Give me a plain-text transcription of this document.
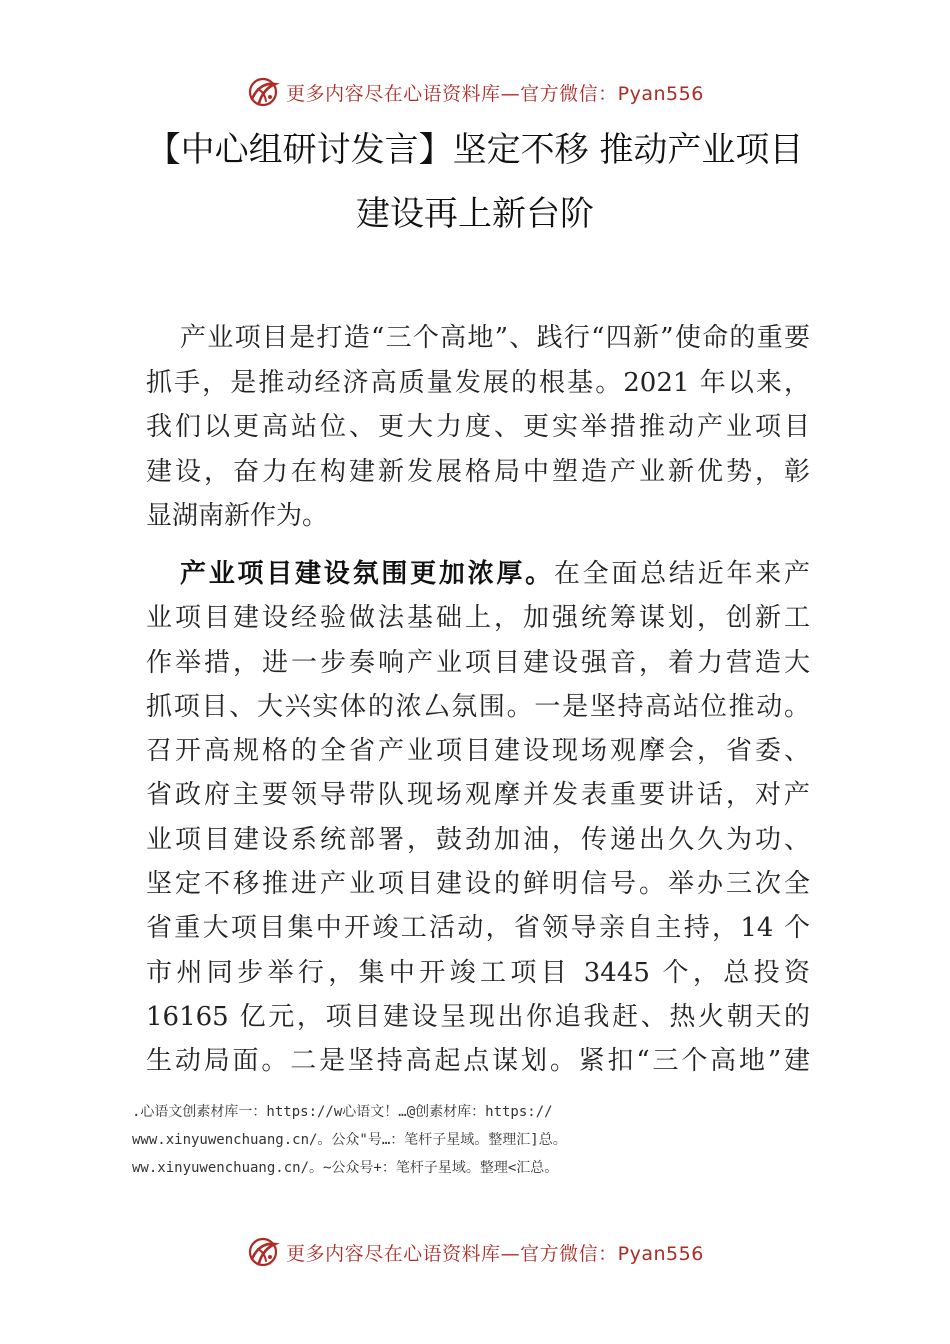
更多内容尽在心语资料库—官方微信：Pyan556
【中心组研讨发言】坚定不移 推动产业项目
建设再上新台阶
产业项目是打造“三个高地”、践行“四新”使命的重要
抓手，是推动经济高质量发展的根基。2021 年以来，
我们以更高站位、更大力度、更实举措推动产业项目
建设，奋力在构建新发展格局中塑造产业新优势，彰
显湖南新作为。
产业项目建设氛围更加浓厚。在全面总结近年来产
业项目建设经验做法基础上，加强统筹谋划，创新工
作举措，进一步奏响产业项目建设强音，着力营造大
抓项目、大兴实体的浓厶氛围。一是坚持高站位推动。
召开高规格的全省产业项目建设现场观摩会，省委、
省政府主要领导带队现场观摩并发表重要讲话，对产
业项目建设系统部署，鼓劲加油，传递出久久为功、
坚定不移推进产业项目建设的鲜明信号。举办三次全
省重大项目集中开竣工活动，省领导亲自主持，14 个
市州同步举行，集中开竣工项目 3445 个，总投资
16165 亿元，项目建设呈现出你追我赶、热火朝天的
生动局面。二是坚持高起点谋划。紧扣“三个高地”建
.心语文创素材库一：https://w心语文！…@创素材库：https://
www.xinyuwenchuang.cn/。公众"号…：笔杆子星域。整理汇]总。
ww.xinyuwenchuang.cn/。~公众号+：笔杆子星域。整理<汇总。
更多内容尽在心语资料库—官方微信：Pyan556
